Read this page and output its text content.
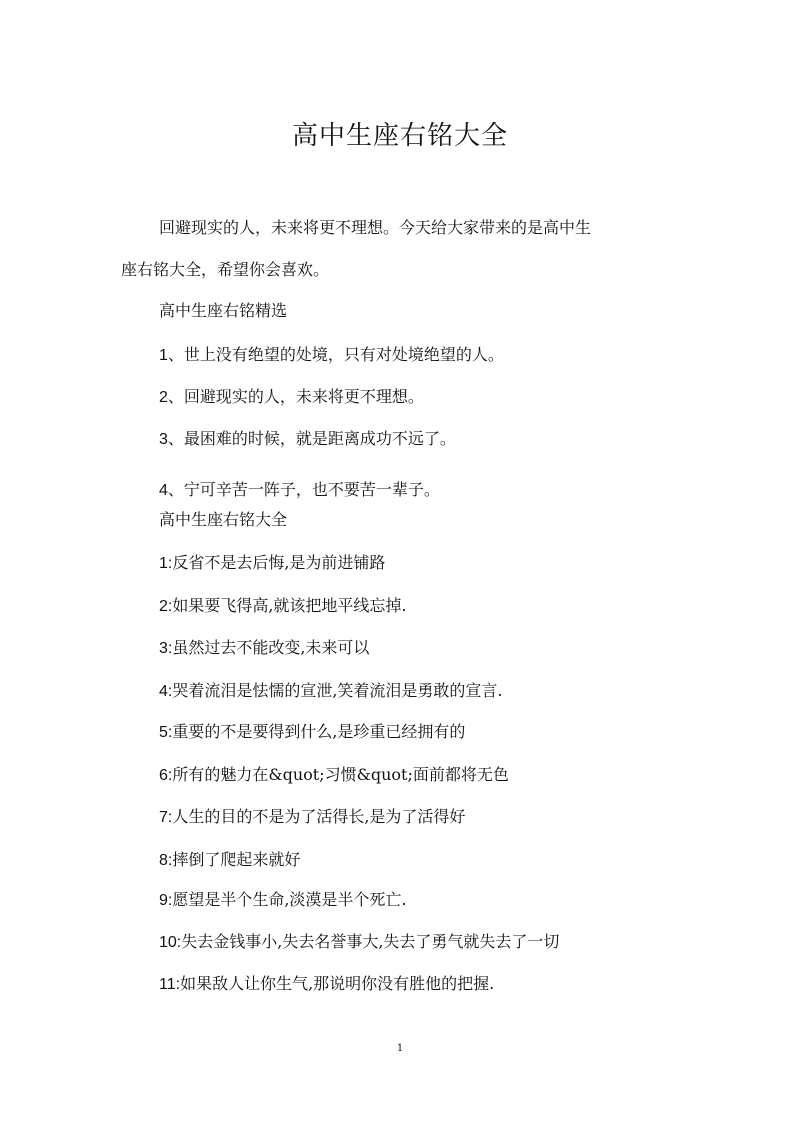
高中生座右铭大全
回避现实的人，未来将更不理想。今天给大家带来的是高中生
座右铭大全，希望你会喜欢。
高中生座右铭精选
1、世上没有绝望的处境，只有对处境绝望的人。
2、回避现实的人，未来将更不理想。
3、最困难的时候，就是距离成功不远了。
4、宁可辛苦一阵子，也不要苦一辈子。
高中生座右铭大全
1:反省不是去后悔,是为前进铺路
2:如果要飞得高,就该把地平线忘掉.
3:虽然过去不能改变,未来可以
4:哭着流泪是怯懦的宣泄,笑着流泪是勇敢的宣言.
5:重要的不是要得到什么,是珍重已经拥有的
6:所有的魅力在&quot;习惯&quot;面前都将无色
7:人生的目的不是为了活得长,是为了活得好
8:摔倒了爬起来就好
9:愿望是半个生命,淡漠是半个死亡.
10:失去金钱事小,失去名誉事大,失去了勇气就失去了一切
11:如果敌人让你生气,那说明你没有胜他的把握.
1
